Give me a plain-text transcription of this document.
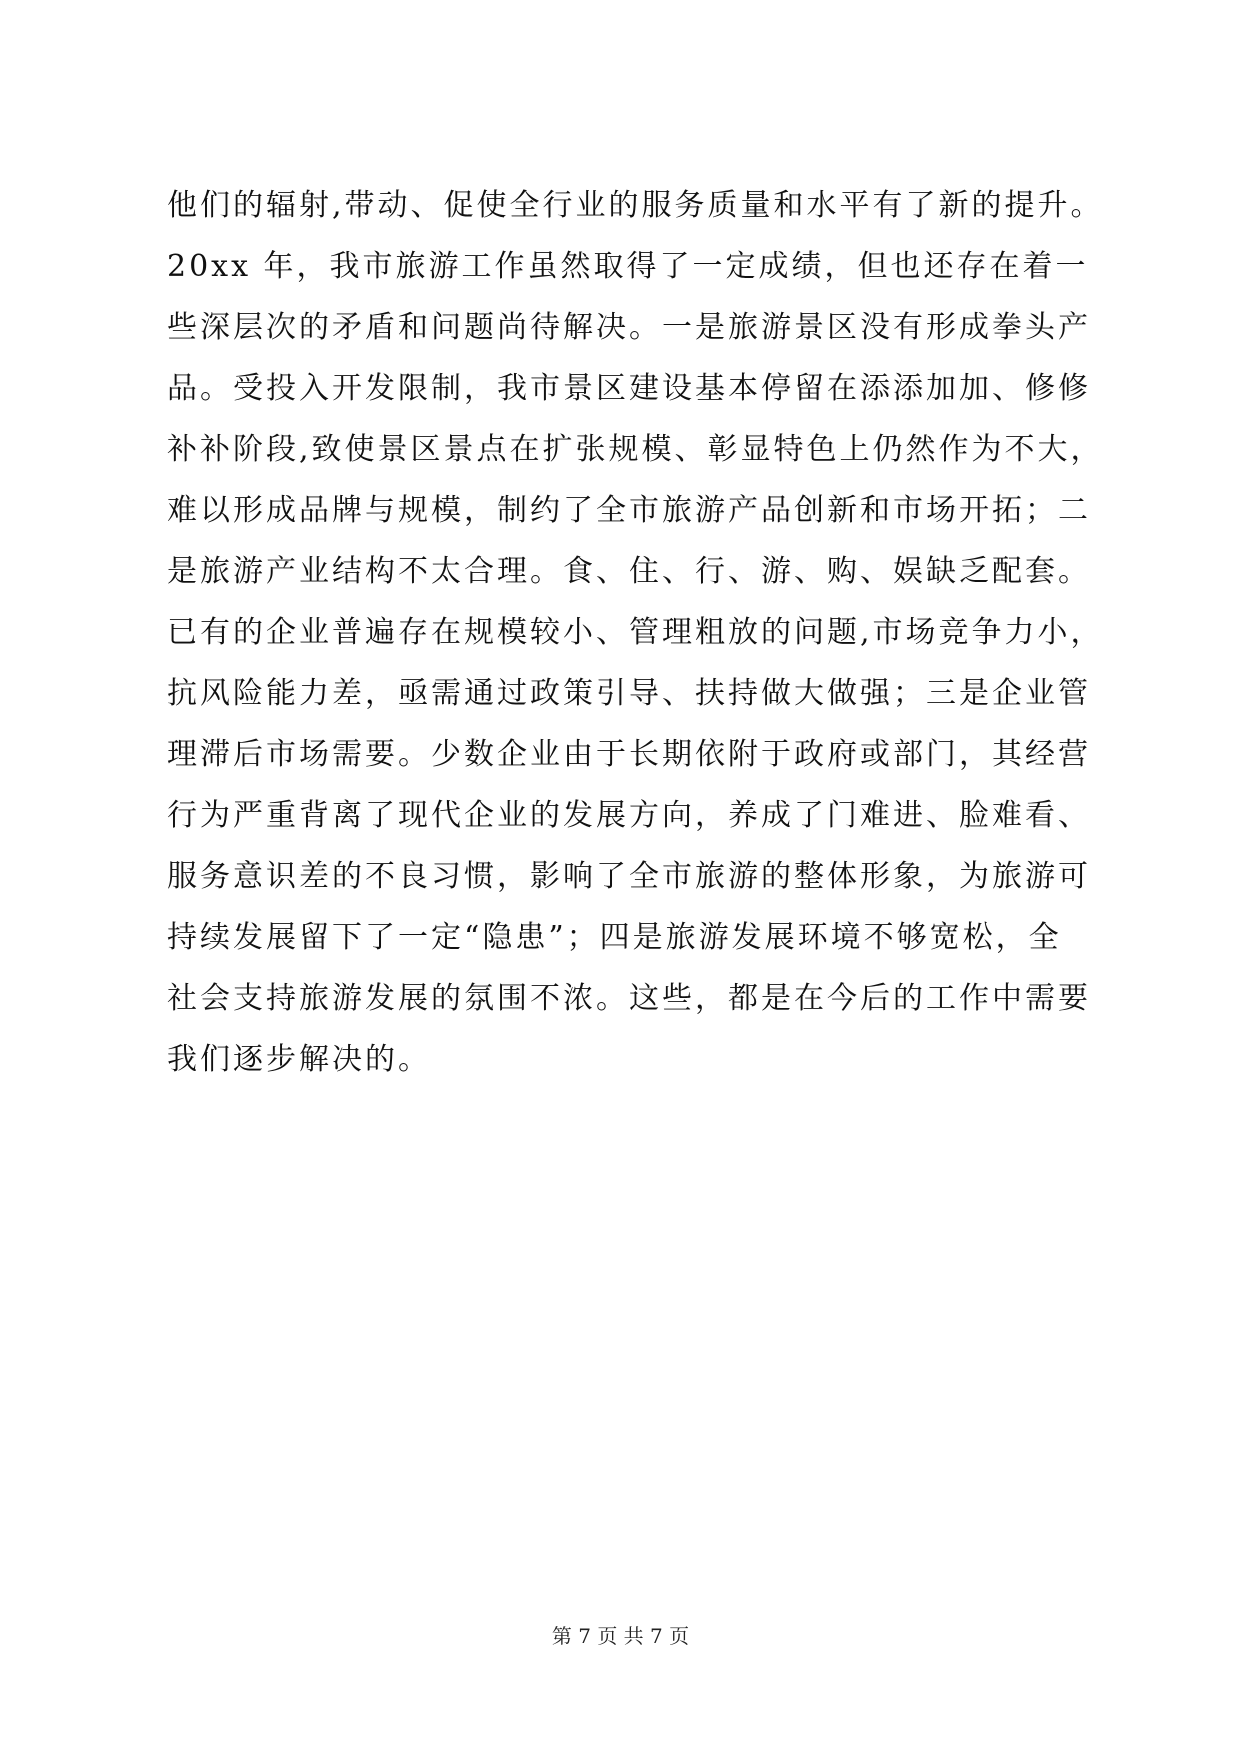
他们的辐射,带动、促使全行业的服务质量和水平有了新的提升。
20xx 年，我市旅游工作虽然取得了一定成绩，但也还存在着一
些深层次的矛盾和问题尚待解决。一是旅游景区没有形成拳头产
品。受投入开发限制，我市景区建设基本停留在添添加加、修修
补补阶段,致使景区景点在扩张规模、彰显特色上仍然作为不大，
难以形成品牌与规模，制约了全市旅游产品创新和市场开拓；二
是旅游产业结构不太合理。食、住、行、游、购、娱缺乏配套。
已有的企业普遍存在规模较小、管理粗放的问题,市场竞争力小，
抗风险能力差，亟需通过政策引导、扶持做大做强；三是企业管
理滞后市场需要。少数企业由于长期依附于政府或部门，其经营
行为严重背离了现代企业的发展方向，养成了门难进、脸难看、
服务意识差的不良习惯，影响了全市旅游的整体形象，为旅游可
持续发展留下了一定“隐患”；四是旅游发展环境不够宽松，全
社会支持旅游发展的氛围不浓。这些，都是在今后的工作中需要
我们逐步解决的。
第 7 页 共 7 页
